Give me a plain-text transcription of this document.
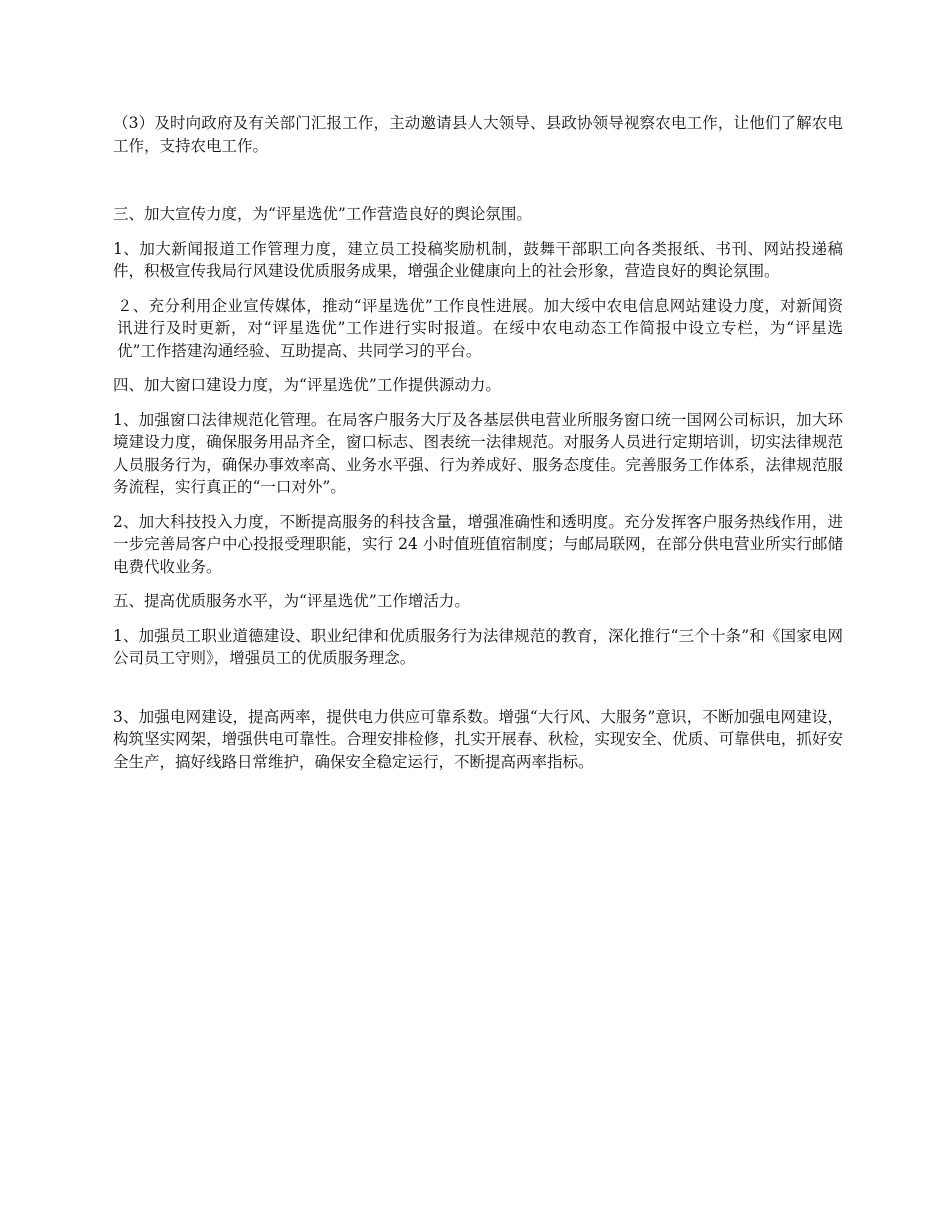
（3）及时向政府及有关部门汇报工作，主动邀请县人大领导、县政协领导视察农电工作，让他们了解农电工作，支持农电工作。

三、加大宣传力度，为“评星选优”工作营造良好的舆论氛围。

1、加大新闻报道工作管理力度，建立员工投稿奖励机制，鼓舞干部职工向各类报纸、书刊、网站投递稿件，积极宣传我局行风建设优质服务成果，增强企业健康向上的社会形象，营造良好的舆论氛围。

２、充分利用企业宣传媒体，推动“评星选优”工作良性进展。加大绥中农电信息网站建设力度，对新闻资讯进行及时更新，对“评星选优”工作进行实时报道。在绥中农电动态工作简报中设立专栏，为“评星选优”工作搭建沟通经验、互助提高、共同学习的平台。

四、加大窗口建设力度，为“评星选优”工作提供源动力。

1、加强窗口法律规范化管理。在局客户服务大厅及各基层供电营业所服务窗口统一国网公司标识，加大环境建设力度，确保服务用品齐全，窗口标志、图表统一法律规范。对服务人员进行定期培训，切实法律规范人员服务行为，确保办事效率高、业务水平强、行为养成好、服务态度佳。完善服务工作体系，法律规范服务流程，实行真正的“一口对外”。

2、加大科技投入力度，不断提高服务的科技含量，增强准确性和透明度。充分发挥客户服务热线作用，进一步完善局客户中心投报受理职能，实行 24 小时值班值宿制度；与邮局联网，在部分供电营业所实行邮储电费代收业务。

五、提高优质服务水平，为“评星选优”工作增活力。

1、加强员工职业道德建设、职业纪律和优质服务行为法律规范的教育，深化推行“三个十条”和《国家电网公司员工守则》，增强员工的优质服务理念。

3、加强电网建设，提高两率，提供电力供应可靠系数。增强“大行风、大服务”意识，不断加强电网建设，构筑坚实网架，增强供电可靠性。合理安排检修，扎实开展春、秋检，实现安全、优质、可靠供电，抓好安全生产，搞好线路日常维护，确保安全稳定运行，不断提高两率指标。
